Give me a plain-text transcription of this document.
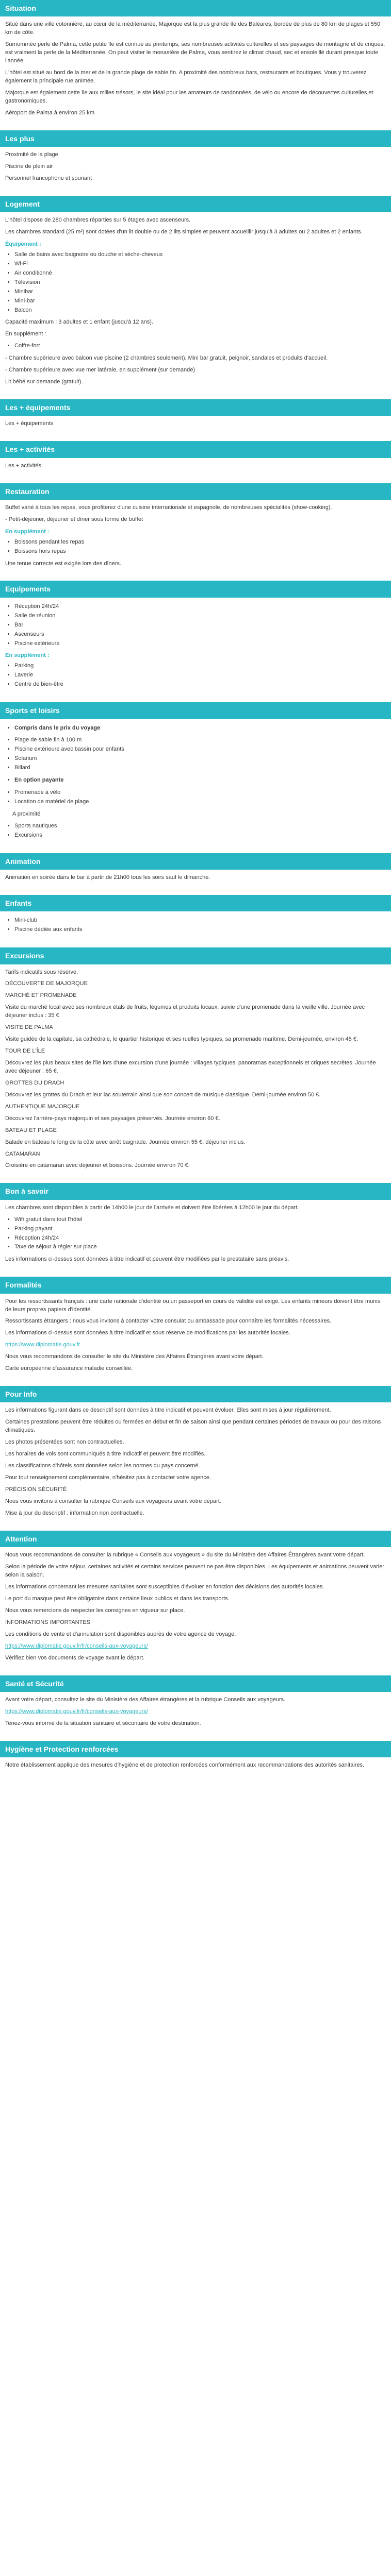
Situation

Situé dans une ville cotonnière, au cœur de la méditerranée, Majorque est la plus grande île des Baléares, bordée de plus de 80 km de plages et 550 km de côte.

Surnommée perle de Palma, cette petite île est connue au printemps, ses nombreuses activités culturelles et ses paysages de montagne et de criques, est vraiment la perle de la Méditerranée. On peut visiter le monastère de Palma, vous sentirez le climat chaud, sec et ensoleillé durant presque toute l'année.

L'hôtel est situé au bord de la mer et de la grande plage de sable fin. A proximité des nombreux bars, restaurants et boutiques. Vous y trouverez également la principale rue animée.

Majorque est également cette île aux milles trésors, le site idéal pour les amateurs de randonnées, de vélo ou encore de découvertes culturelles et gastronomiques.

Aéroport de Palma à environ 25 km

Les plus

Proximité de la plage

Piscine de plein air

Personnel francophone et souriant

Logement

L'hôtel dispose de 280 chambres réparties sur 5 étages avec ascenseurs.

Les chambres standard (25 m²) sont dotées d'un lit double ou de 2 lits simples et peuvent accueillir jusqu'à 3 adultes ou 2 adultes et 2 enfants.

Équipement :

• Salle de bains avec baignoire ou douche et sèche-cheveux
• Wi-Fi
• Air conditionné
• Télévision
• Minibar
• Mini-bar
• Balcon

Capacité maximum : 3 adultes et 1 enfant (jusqu'à 12 ans).

En supplément :

• Coffre-fort

- Chambre supérieure avec balcon vue piscine (2 chambres seulement). Mini bar gratuit, peignoir, sandales et produits d'accueil.

- Chambre supérieure avec vue mer latérale, en supplément (sur demande)

Lit bébé sur demande (gratuit).

Les + équipements

Les + équipements

Les + activités

Les + activités

Restauration

Buffet varié à tous les repas, vous profiterez d'une cuisine internationale et espagnole, de nombreuses spécialités (show-cooking).

- Petit-déjeuner, déjeuner et dîner sous forme de buffet

En supplément :

• Boissons pendant les repas
• Boissons hors repas

Une tenue correcte est exigée lors des dîners.

Equipements
• Réception 24h/24
• Salle de réunion
• Bar
• Ascenseurs
• Piscine extérieure

En supplément :

• Parking
• Laverie
• Centre de bien-être
Sports et loisirs
• Compris dans le prix du voyage
• Plage de sable fin à 100 m
• Piscine extérieure avec bassin pour enfants
• Solarium
• Billard
• En option payante
• Promenade à vélo
• Location de matériel de plage

A proximité

• Sports nautiques
• Excursions
Animation

Animation en soirée dans le bar à partir de 21h00 tous les soirs sauf le dimanche.

Enfants
• Mini-club
• Piscine dédiée aux enfants
Excursions

Tarifs indicatifs sous réserve.

DÉCOUVERTE DE MAJORQUE

MARCHÉ ET PROMENADE

Visite du marché local avec ses nombreux étals de fruits, légumes et produits locaux, suivie d'une promenade dans la vieille ville. Journée avec déjeuner inclus : 35 €

VISITE DE PALMA

Visite guidée de la capitale, sa cathédrale, le quartier historique et ses ruelles typiques, sa promenade maritime. Demi-journée, environ 45 €.

TOUR DE L'ÎLE

Découvrez les plus beaux sites de l'île lors d'une excursion d'une journée : villages typiques, panoramas exceptionnels et criques secrètes. Journée avec déjeuner : 65 €.

GROTTES DU DRACH

Découvrez les grottes du Drach et leur lac souterrain ainsi que son concert de musique classique. Demi-journée environ 50 €.

AUTHENTIQUE MAJORQUE

Découvrez l'arrière-pays majorquin et ses paysages préservés. Journée environ 60 €.

BATEAU ET PLAGE

Balade en bateau le long de la côte avec arrêt baignade. Journée environ 55 €, déjeuner inclus.

CATAMARAN

Croisière en catamaran avec déjeuner et boissons. Journée environ 70 €.

Bon à savoir

Les chambres sont disponibles à partir de 14h00 le jour de l'arrivée et doivent être libérées à 12h00 le jour du départ.

• Wifi gratuit dans tout l'hôtel
• Parking payant
• Réception 24h/24
• Taxe de séjour à régler sur place

Les informations ci-dessus sont données à titre indicatif et peuvent être modifiées par le prestataire sans préavis.

Formalités

Pour les ressortissants français : une carte nationale d'identité ou un passeport en cours de validité est exigé. Les enfants mineurs doivent être munis de leurs propres papiers d'identité.

Ressortissants étrangers : nous vous invitons à contacter votre consulat ou ambassade pour connaître les formalités nécessaires.

Les informations ci-dessus sont données à titre indicatif et sous réserve de modifications par les autorités locales.

https://www.diplomatie.gouv.fr

Nous vous recommandons de consulter le site du Ministère des Affaires Étrangères avant votre départ.

Carte européenne d'assurance maladie conseillée.

Pour Info

Les informations figurant dans ce descriptif sont données à titre indicatif et peuvent évoluer. Elles sont mises à jour régulièrement.

Certaines prestations peuvent être réduites ou fermées en début et fin de saison ainsi que pendant certaines périodes de travaux ou pour des raisons climatiques.

Les photos présentées sont non contractuelles.

Les horaires de vols sont communiqués à titre indicatif et peuvent être modifiés.

Les classifications d'hôtels sont données selon les normes du pays concerné.

Pour tout renseignement complémentaire, n'hésitez pas à contacter votre agence.

PRÉCISION SÉCURITÉ

Nous vous invitons à consulter la rubrique Conseils aux voyageurs avant votre départ.

Mise à jour du descriptif : information non contractuelle.

Attention

Nous vous recommandons de consulter la rubrique « Conseils aux voyageurs » du site du Ministère des Affaires Étrangères avant votre départ.

Selon la période de votre séjour, certaines activités et certains services peuvent ne pas être disponibles. Les équipements et animations peuvent varier selon la saison.

Les informations concernant les mesures sanitaires sont susceptibles d'évoluer en fonction des décisions des autorités locales.

Le port du masque peut être obligatoire dans certains lieux publics et dans les transports.

Nous vous remercions de respecter les consignes en vigueur sur place.

INFORMATIONS IMPORTANTES

Les conditions de vente et d'annulation sont disponibles auprès de votre agence de voyage.

https://www.diplomatie.gouv.fr/fr/conseils-aux-voyageurs/

Vérifiez bien vos documents de voyage avant le départ.

Santé et Sécurité

Avant votre départ, consultez le site du Ministère des Affaires étrangères et la rubrique Conseils aux voyageurs.

https://www.diplomatie.gouv.fr/fr/conseils-aux-voyageurs/

Tenez-vous informé de la situation sanitaire et sécuritaire de votre destination.

Hygiène et Protection renforcées

Notre établissement applique des mesures d'hygiène et de protection renforcées conformément aux recommandations des autorités sanitaires.
